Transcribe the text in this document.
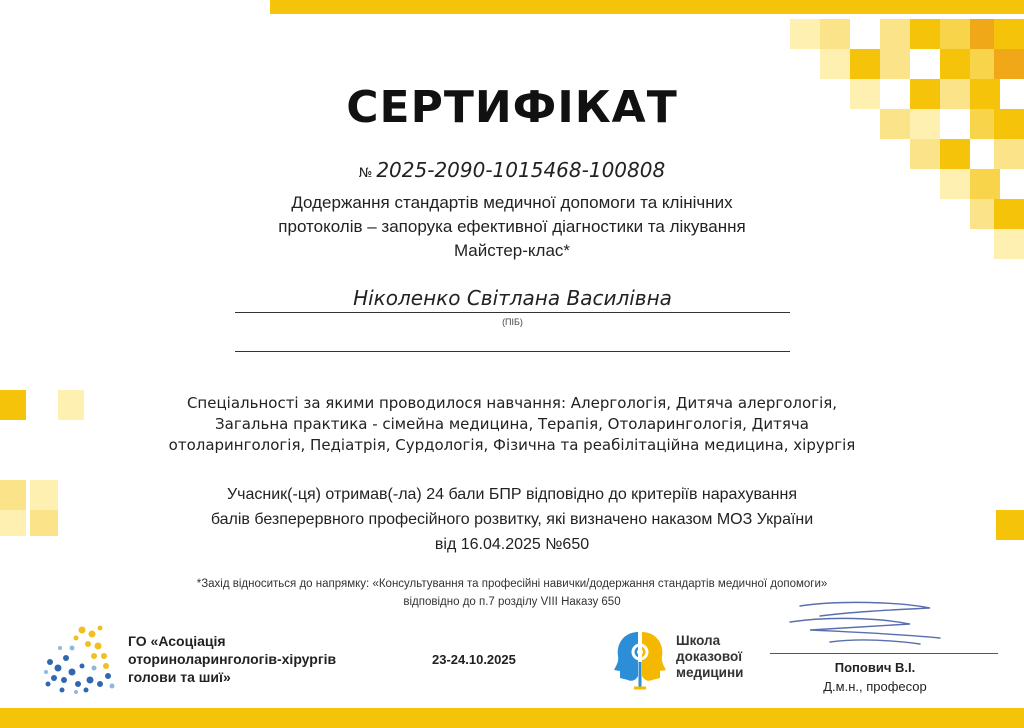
СЕРТИФІКАТ
№ 2025-2090-1015468-100808
Додержання стандартів медичної допомоги та клінічних
протоколів – запорука ефективної діагностики та лікування
Майстер-клас*
Ніколенко Світлана Василівна
(ПІБ)
Спеціальності за якими проводилося навчання: Алергологія, Дитяча алергологія,
Загальна практика - сімейна медицина, Терапія, Отоларингологія, Дитяча
отоларингологія, Педіатрія, Сурдологія, Фізична та реабілітаційна медицина, хірургія
Учасник(-ця) отримав(-ла) 24 бали БПР відповідно до критеріїв нарахування
балів безперервного професійного розвитку, які визначено наказом МОЗ України
від 16.04.2025 №650
*Захід відноситься до напрямку: «Консультування та професійні навички/додержання стандартів медичної допомоги»
відповідно до п.7 розділу VIII Наказу 650
ГО «Асоціація
оториноларингологів-хірургів
голови та шиї»
23-24.10.2025
Школа
доказової
медицини	Попович В.І.
Д.м.н., професор
